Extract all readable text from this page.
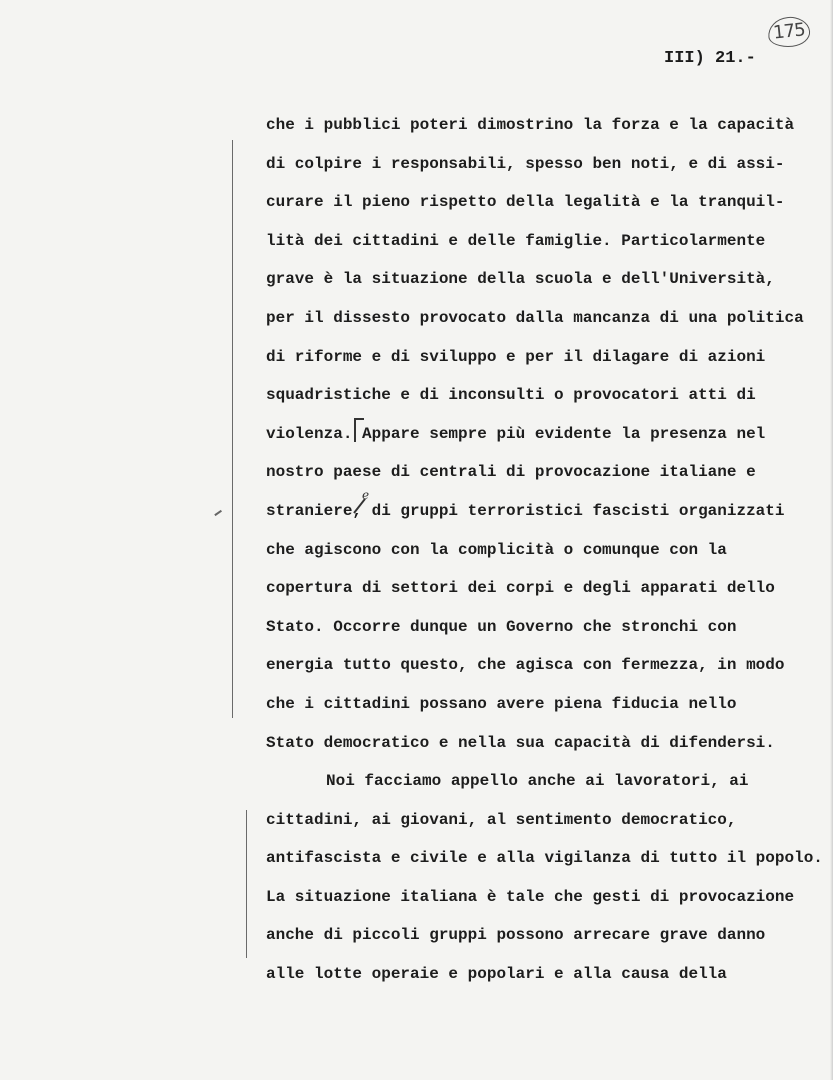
175
III) 21.-
e
che i pubblici poteri dimostrino la forza e la capacità
di colpire i responsabili, spesso ben noti, e di assi-
curare il pieno rispetto della legalità e la tranquil-
lità dei cittadini e delle famiglie. Particolarmente
grave è la situazione della scuola e dell'Università,
per il dissesto provocato dalla mancanza di una politica
di riforme e di sviluppo e per il dilagare di azioni
squadristiche e di inconsulti o provocatori atti di
violenza. Appare sempre più evidente la presenza nel
nostro paese di centrali di provocazione italiane e
straniere, di gruppi terroristici fascisti organizzati
che agiscono con la complicità o comunque con la
copertura di settori dei corpi e degli apparati dello
Stato. Occorre dunque un Governo che stronchi con
energia tutto questo, che agisca con fermezza, in modo
che i cittadini possano avere piena fiducia nello
Stato democratico e nella sua capacità di difendersi.
Noi facciamo appello anche ai lavoratori, ai
cittadini, ai giovani, al sentimento democratico,
antifascista e civile e alla vigilanza di tutto il popolo.
La situazione italiana è tale che gesti di provocazione
anche di piccoli gruppi possono arrecare grave danno
alle lotte operaie e popolari e alla causa della
